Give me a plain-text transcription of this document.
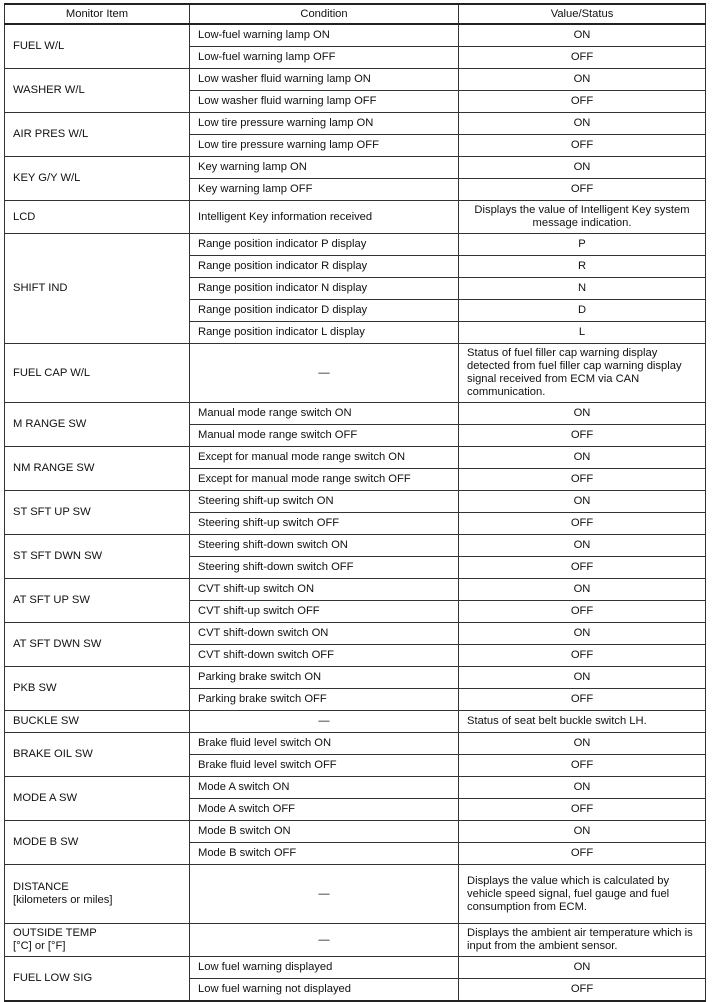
Monitor Item	Condition	Value/Status
FUEL W/L	Low-fuel warning lamp ON	ON
	Low-fuel warning lamp OFF	OFF
WASHER W/L	Low washer fluid warning lamp ON	ON
	Low washer fluid warning lamp OFF	OFF
AIR PRES W/L	Low tire pressure warning lamp ON	ON
	Low tire pressure warning lamp OFF	OFF
KEY G/Y W/L	Key warning lamp ON	ON
	Key warning lamp OFF	OFF
LCD	Intelligent Key information received	Displays the value of Intelligent Key system message indication.
SHIFT IND	Range position indicator P display	P
	Range position indicator R display	R
	Range position indicator N display	N
	Range position indicator D display	D
	Range position indicator L display	L
FUEL CAP W/L	—	Status of fuel filler cap warning display detected from fuel filler cap warning display signal received from ECM via CAN communication.
M RANGE SW	Manual mode range switch ON	ON
	Manual mode range switch OFF	OFF
NM RANGE SW	Except for manual mode range switch ON	ON
	Except for manual mode range switch OFF	OFF
ST SFT UP SW	Steering shift-up switch ON	ON
	Steering shift-up switch OFF	OFF
ST SFT DWN SW	Steering shift-down switch ON	ON
	Steering shift-down switch OFF	OFF
AT SFT UP SW	CVT shift-up switch ON	ON
	CVT shift-up switch OFF	OFF
AT SFT DWN SW	CVT shift-down switch ON	ON
	CVT shift-down switch OFF	OFF
PKB SW	Parking brake switch ON	ON
	Parking brake switch OFF	OFF
BUCKLE SW	—	Status of seat belt buckle switch LH.
BRAKE OIL SW	Brake fluid level switch ON	ON
	Brake fluid level switch OFF	OFF
MODE A SW	Mode A switch ON	ON
	Mode A switch OFF	OFF
MODE B SW	Mode B switch ON	ON
	Mode B switch OFF	OFF
DISTANCE
[kilometers or miles]	—	Displays the value which is calculated by vehicle speed signal, fuel gauge and fuel consumption from ECM.
OUTSIDE TEMP
[°C] or [°F]	—	Displays the ambient air temperature which is input from the ambient sensor.
FUEL LOW SIG	Low fuel warning displayed	ON
	Low fuel warning not displayed	OFF
